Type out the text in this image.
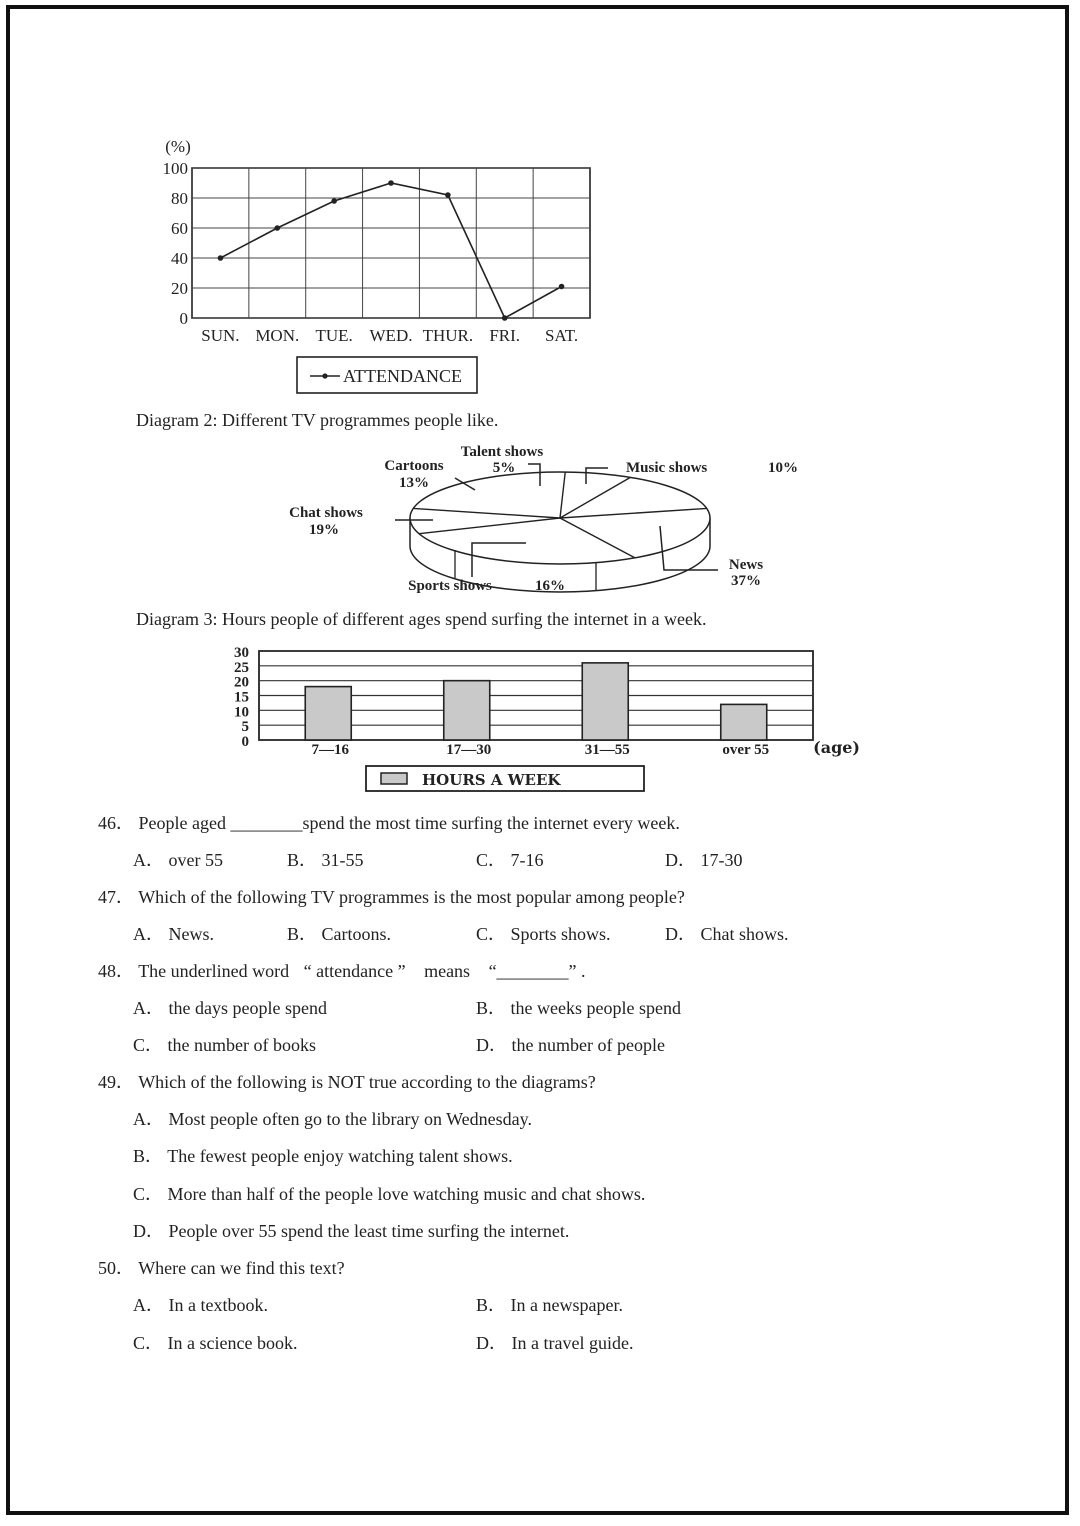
(%)
0
20
40
60
80
100
SUN. MON. TUE. WED. THUR. FRI. SAT.
ATTENDANCE
Diagram 2: Different TV programmes people like.
Talent shows
5%
Cartoons
13%
Music shows	10%
Chat shows
19%
News
37%
Sports shows	16%
Diagram 3: Hours people of different ages spend surfing the internet in a week.
0
5
10
15
20
25
30
7—16	17—30	31—55	over 55	(age)
HOURS A WEEK
46． People aged ________spend the most time surfing the internet every week.
A． over 55	B． 31-55	C． 7-16	D． 17-30
47． Which of the following TV programmes is the most popular among people?
A． News.	B． Cartoons.	C． Sports shows.	D． Chat shows.
48． The underlined word “ attendance ” means “________” .
A． the days people spend	B． the weeks people spend
C． the number of books	D． the number of people
49． Which of the following is NOT true according to the diagrams?
A． Most people often go to the library on Wednesday.
B． The fewest people enjoy watching talent shows.
C． More than half of the people love watching music and chat shows.
D． People over 55 spend the least time surfing the internet.
50． Where can we find this text?
A． In a textbook.	B． In a newspaper.
C． In a science book.	D． In a travel guide.
